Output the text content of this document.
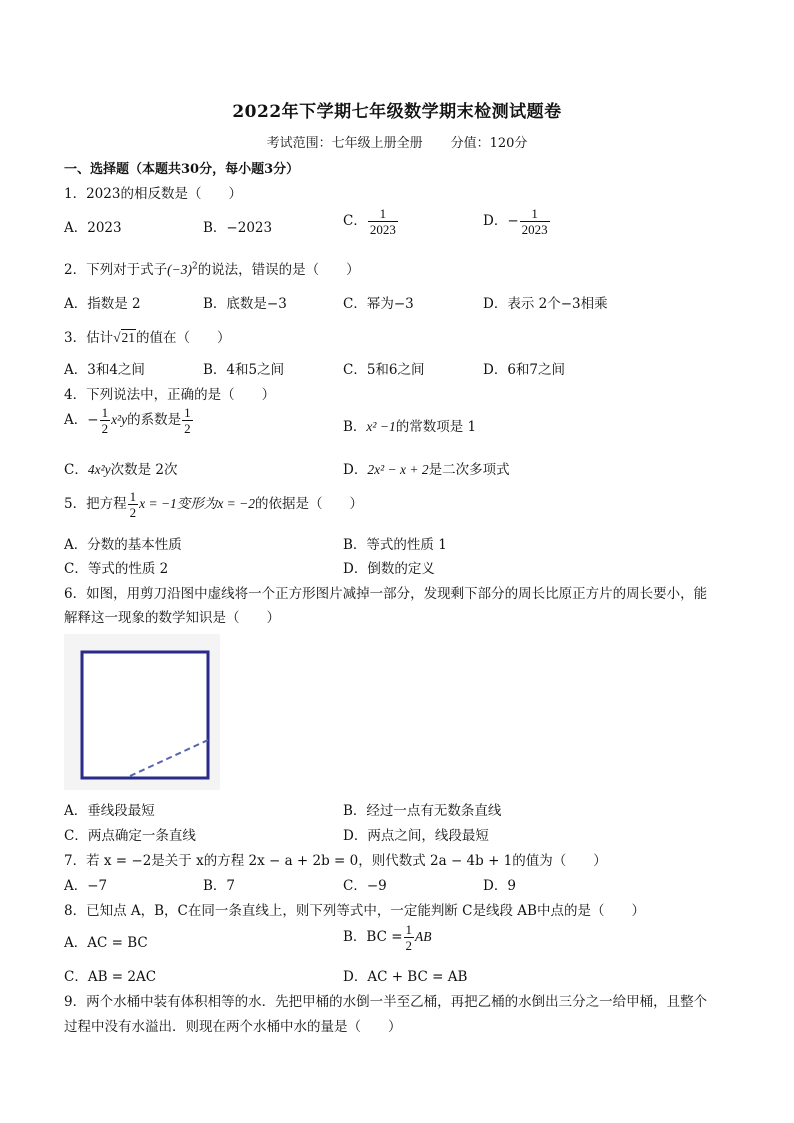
2022年下学期七年级数学期末检测试题卷
考试范围：七年级上册全册 分值：120分
一、选择题（本题共30分，每小题3分）
1．2023的相反数是（　　）
A．2023	B．−2023	C． $\frac{1}{2023}$	D．− $\frac{1}{2023}$
2．下列对于式子$(-3)^2$的说法，错误的是（　　）
A．指数是 2	B．底数是−3	C．幂为−3	D．表示 2个−3相乘
3．估计√21的值在（　　）
A．3和4之间	B．4和5之间	C．5和6之间	D．6和7之间
4．下列说法中，正确的是（　　）
A．− $\frac{1}{2} x^2y$的系数是 $\frac{1}{2}$	B．x² −1的常数项是 1
C．4x²y次数是 2次	D．2x² − x + 2是二次多项式
5．把方程 $\frac{1}{2}$ x = −1变形为x = −2的依据是（　　）
A．分数的基本性质	B．等式的性质 1
C．等式的性质 2	D．倒数的定义
6．如图，用剪刀沿图中虚线将一个正方形图片减掉一部分，发现剩下部分的周长比原正方片的周长要小，能
解释这一现象的数学知识是（　　）
A．垂线段最短	B．经过一点有无数条直线
C．两点确定一条直线	D．两点之间，线段最短
7．若 x = −2是关于 x的方程 2x − a + 2b = 0，则代数式 2a − 4b + 1的值为（　　）
A．−7	B．7	C．−9	D．9
8．已知点 A，B，C在同一条直线上，则下列等式中，一定能判断 C是线段 AB中点的是（　　）
A．AC = BC	B．BC = $\frac{1}{2}$ AB
C．AB = 2AC	D．AC + BC = AB
9．两个水桶中装有体积相等的水．先把甲桶的水倒一半至乙桶，再把乙桶的水倒出三分之一给甲桶，且整个
过程中没有水溢出．则现在两个水桶中水的量是（　　）
